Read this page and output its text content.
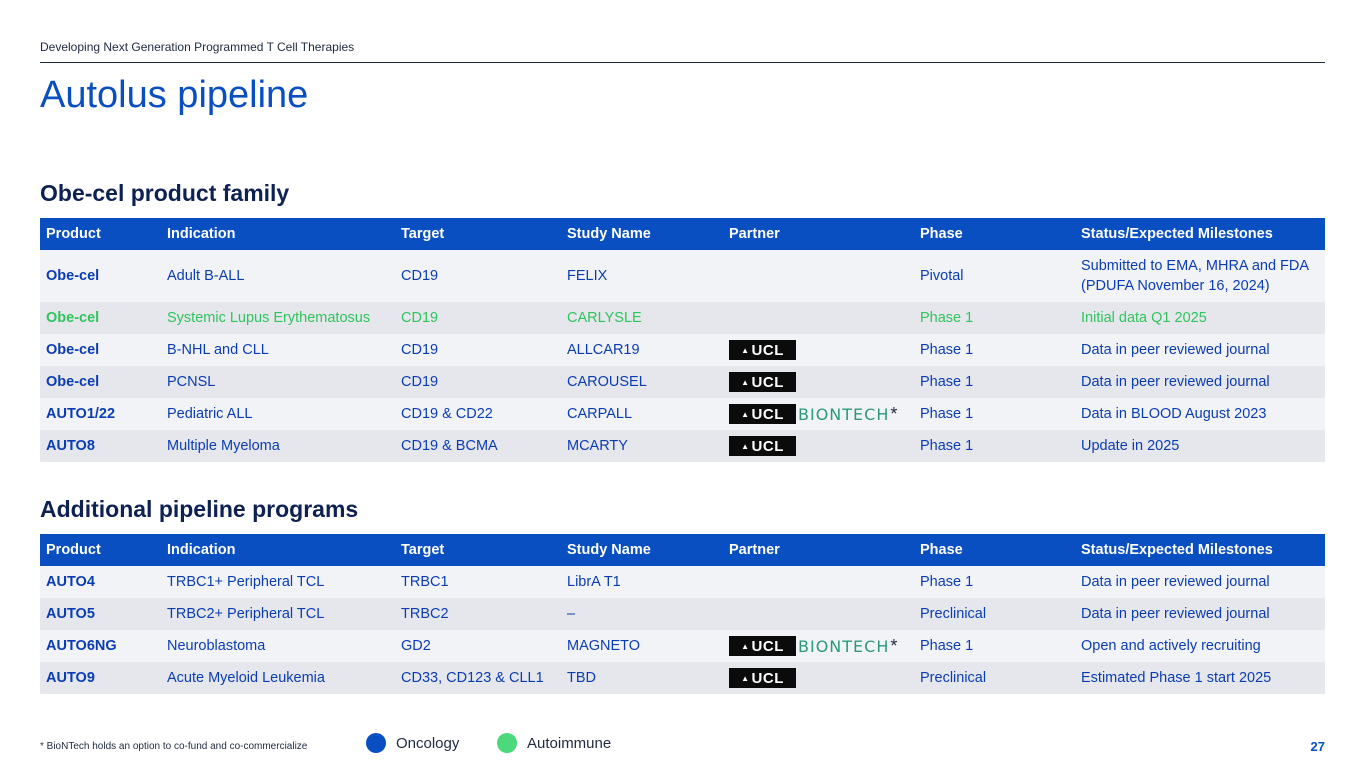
Developing Next Generation Programmed T Cell Therapies
Autolus pipeline
Obe-cel product family
Product	Indication	Target	Study Name	Partner	Phase	Status/Expected Milestones
Obe-cel	Adult B-ALL	CD19	FELIX		Pivotal	Submitted to EMA, MHRA and FDA (PDUFA November 16, 2024)
Obe-cel	Systemic Lupus Erythematosus	CD19	CARLYSLE		Phase 1	Initial data Q1 2025
Obe-cel	B-NHL and CLL	CD19	ALLCAR19	▲ UCL	Phase 1	Data in peer reviewed journal
Obe-cel	PCNSL	CD19	CAROUSEL	▲ UCL	Phase 1	Data in peer reviewed journal
AUTO1/22	Pediatric ALL	CD19 & CD22	CARPALL	▲ UCL BIONTECH *	Phase 1	Data in BLOOD August 2023
AUTO8	Multiple Myeloma	CD19 & BCMA	MCARTY	▲ UCL	Phase 1	Update in 2025
Additional pipeline programs
Product	Indication	Target	Study Name	Partner	Phase	Status/Expected Milestones
AUTO4	TRBC1+ Peripheral TCL	TRBC1	LibrA T1		Phase 1	Data in peer reviewed journal
AUTO5	TRBC2+ Peripheral TCL	TRBC2	–		Preclinical	Data in peer reviewed journal
AUTO6NG	Neuroblastoma	GD2	MAGNETO	▲ UCL BIONTECH *	Phase 1	Open and actively recruiting
AUTO9	Acute Myeloid Leukemia	CD33, CD123 & CLL1	TBD	▲ UCL	Preclinical	Estimated Phase 1 start 2025
* BioNTech holds an option to co-fund and co-commercialize	Oncology	Autoimmune	27
